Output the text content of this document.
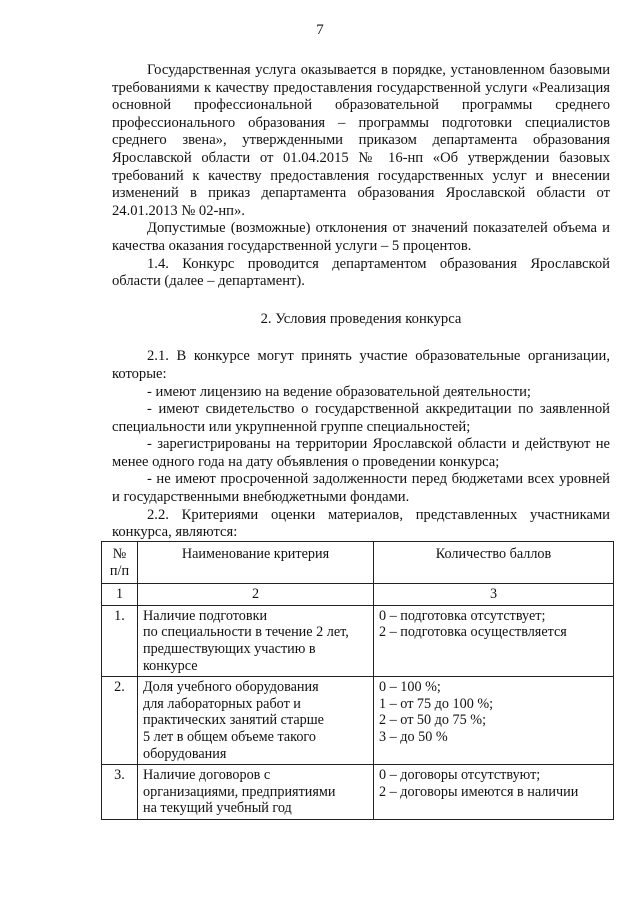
7

Государственная услуга оказывается в порядке, установленном базовыми требованиями к качеству предоставления государственной услуги «Реализация основной профессиональной образовательной программы среднего профессионального образования – программы подготовки специалистов среднего звена», утвержденными приказом департамента образования Ярославской области от 01.04.2015 № 16-нп «Об утверждении базовых требований к качеству предоставления государственных услуг и внесении изменений в приказ департамента образования Ярославской области от 24.01.2013 № 02-нп».

Допустимые (возможные) отклонения от значений показателей объема и качества оказания государственной услуги – 5 процентов.

1.4. Конкурс проводится департаментом образования Ярославской области (далее – департамент).

2. Условия проведения конкурса

2.1. В конкурсе могут принять участие образовательные организации, которые:

- имеют лицензию на ведение образовательной деятельности;

- имеют свидетельство о государственной аккредитации по заявленной специальности или укрупненной группе специальностей;

- зарегистрированы на территории Ярославской области и действуют не менее одного года на дату объявления о проведении конкурса;

- не имеют просроченной задолженности перед бюджетами всех уровней и государственными внебюджетными фондами.

2.2. Критериями оценки материалов, представленных участниками конкурса, являются:

№ п/п	Наименование критерия	Количество баллов
1	2	3
1.	Наличие подготовки
по специальности в течение 2 лет,
предшествующих участию в
конкурсе	0 – подготовка отсутствует;
2 – подготовка осуществляется

2.	Доля учебного оборудования
для лабораторных работ и
практических занятий старше
5 лет в общем объеме такого
оборудования	0 – 100 %;
1 – от 75 до 100 %;
2 – от 50 до 75 %;
3 – до 50 %

3.	Наличие договоров с
организациями, предприятиями
на текущий учебный год	0 – договоры отсутствуют;
2 – договоры имеются в наличии
